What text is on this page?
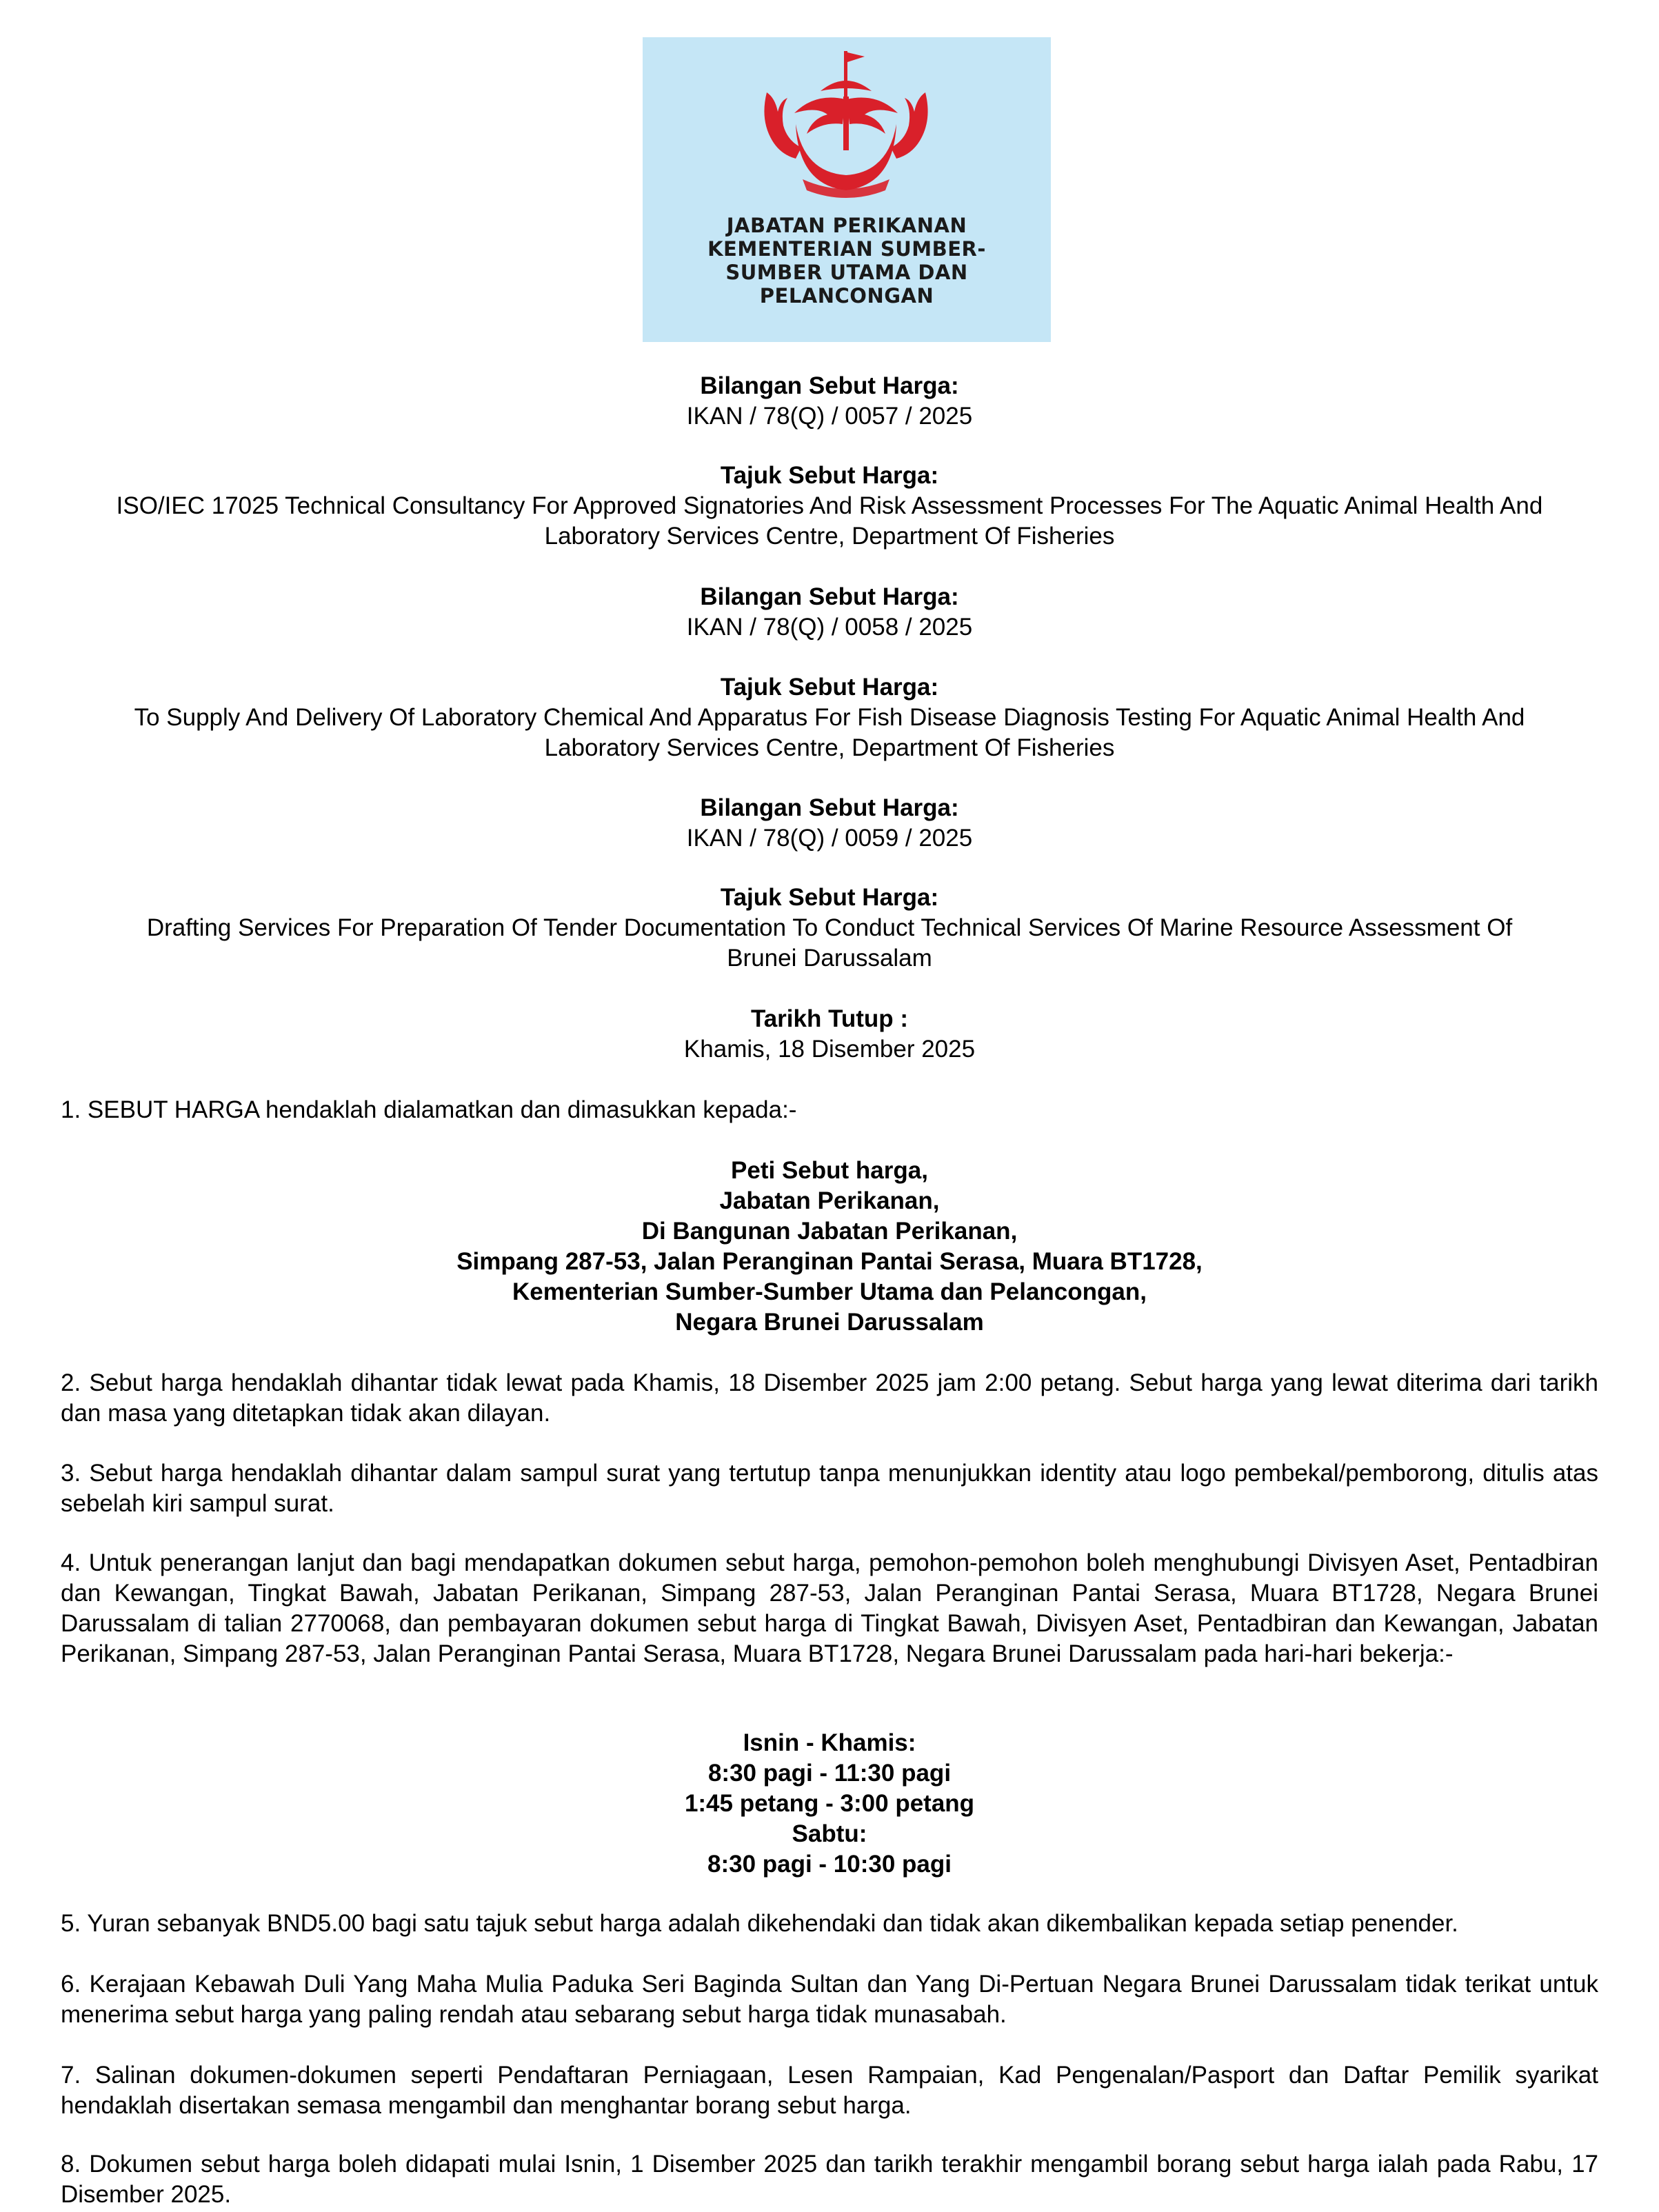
JABATAN PERIKANAN
KEMENTERIAN SUMBER-
SUMBER UTAMA DAN
PELANCONGAN
Bilangan Sebut Harga:
IKAN / 78(Q) / 0057 / 2025
Tajuk Sebut Harga:
ISO/IEC 17025 Technical Consultancy For Approved Signatories And Risk Assessment Processes For The Aquatic Animal Health And
Laboratory Services Centre, Department Of Fisheries
Bilangan Sebut Harga:
IKAN / 78(Q) / 0058 / 2025
Tajuk Sebut Harga:
To Supply And Delivery Of Laboratory Chemical And Apparatus For Fish Disease Diagnosis Testing For Aquatic Animal Health And
Laboratory Services Centre, Department Of Fisheries
Bilangan Sebut Harga:
IKAN / 78(Q) / 0059 / 2025
Tajuk Sebut Harga:
Drafting Services For Preparation Of Tender Documentation To Conduct Technical Services Of Marine Resource Assessment Of
Brunei Darussalam
Tarikh Tutup :
Khamis, 18 Disember 2025
1. SEBUT HARGA hendaklah dialamatkan dan dimasukkan kepada:-
Peti Sebut harga,
Jabatan Perikanan,
Di Bangunan Jabatan Perikanan,
Simpang 287-53, Jalan Peranginan Pantai Serasa, Muara BT1728,
Kementerian Sumber-Sumber Utama dan Pelancongan,
Negara Brunei Darussalam
2. Sebut harga hendaklah dihantar tidak lewat pada Khamis, 18 Disember 2025 jam 2:00 petang. Sebut harga yang lewat diterima dari tarikh dan masa yang ditetapkan tidak akan dilayan.
3. Sebut harga hendaklah dihantar dalam sampul surat yang tertutup tanpa menunjukkan identity atau logo pembekal/pemborong, ditulis atas sebelah kiri sampul surat.
4. Untuk penerangan lanjut dan bagi mendapatkan dokumen sebut harga, pemohon-pemohon boleh menghubungi Divisyen Aset, Pentadbiran dan Kewangan, Tingkat Bawah, Jabatan Perikanan, Simpang 287-53, Jalan Peranginan Pantai Serasa, Muara BT1728, Negara Brunei Darussalam di talian 2770068, dan pembayaran dokumen sebut harga di Tingkat Bawah, Divisyen Aset, Pentadbiran dan Kewangan, Jabatan Perikanan, Simpang 287-53, Jalan Peranginan Pantai Serasa, Muara BT1728, Negara Brunei Darussalam pada hari-hari bekerja:-
Isnin - Khamis:
8:30 pagi - 11:30 pagi
1:45 petang - 3:00 petang
Sabtu:
8:30 pagi - 10:30 pagi
5. Yuran sebanyak BND5.00 bagi satu tajuk sebut harga adalah dikehendaki dan tidak akan dikembalikan kepada setiap penender.
6. Kerajaan Kebawah Duli Yang Maha Mulia Paduka Seri Baginda Sultan dan Yang Di-Pertuan Negara Brunei Darussalam tidak terikat untuk menerima sebut harga yang paling rendah atau sebarang sebut harga tidak munasabah.
7. Salinan dokumen-dokumen seperti Pendaftaran Perniagaan, Lesen Rampaian, Kad Pengenalan/Pasport dan Daftar Pemilik syarikat hendaklah disertakan semasa mengambil dan menghantar borang sebut harga.
8. Dokumen sebut harga boleh didapati mulai Isnin, 1 Disember 2025 dan tarikh terakhir mengambil borang sebut harga ialah pada Rabu, 17 Disember 2025.
